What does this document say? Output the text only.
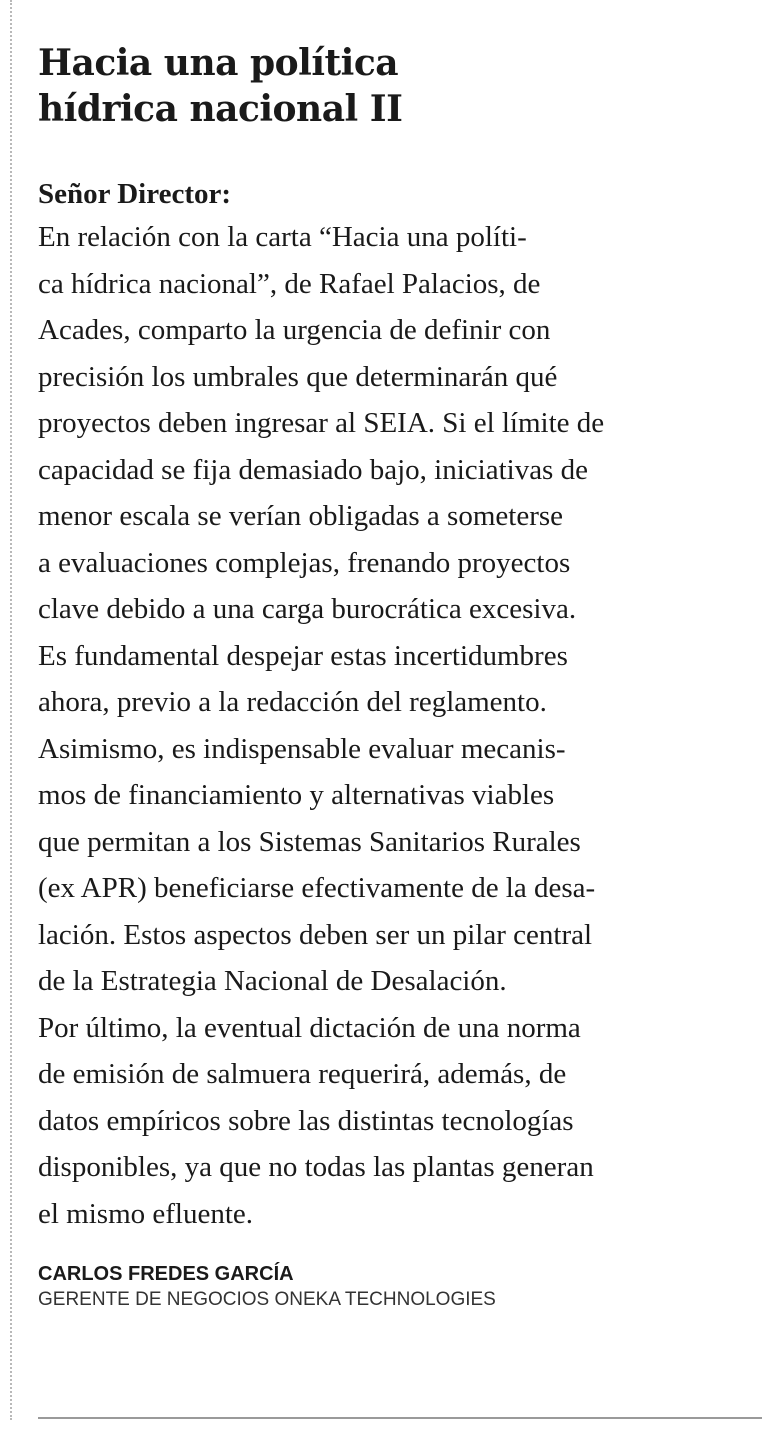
Hacia una política
hídrica nacional II
Señor Director:
En relación con la carta “Hacia una políti-
ca hídrica nacional”, de Rafael Palacios, de
Acades, comparto la urgencia de definir con
precisión los umbrales que determinarán qué
proyectos deben ingresar al SEIA. Si el límite de
capacidad se fija demasiado bajo, iniciativas de
menor escala se verían obligadas a someterse
a evaluaciones complejas, frenando proyectos
clave debido a una carga burocrática excesiva.
Es fundamental despejar estas incertidumbres
ahora, previo a la redacción del reglamento.
Asimismo, es indispensable evaluar mecanis-
mos de financiamiento y alternativas viables
que permitan a los Sistemas Sanitarios Rurales
(ex APR) beneficiarse efectivamente de la desa-
lación. Estos aspectos deben ser un pilar central
de la Estrategia Nacional de Desalación.
Por último, la eventual dictación de una norma
de emisión de salmuera requerirá, además, de
datos empíricos sobre las distintas tecnologías
disponibles, ya que no todas las plantas generan
el mismo efluente.
CARLOS FREDES GARCÍA
GERENTE DE NEGOCIOS ONEKA TECHNOLOGIES
